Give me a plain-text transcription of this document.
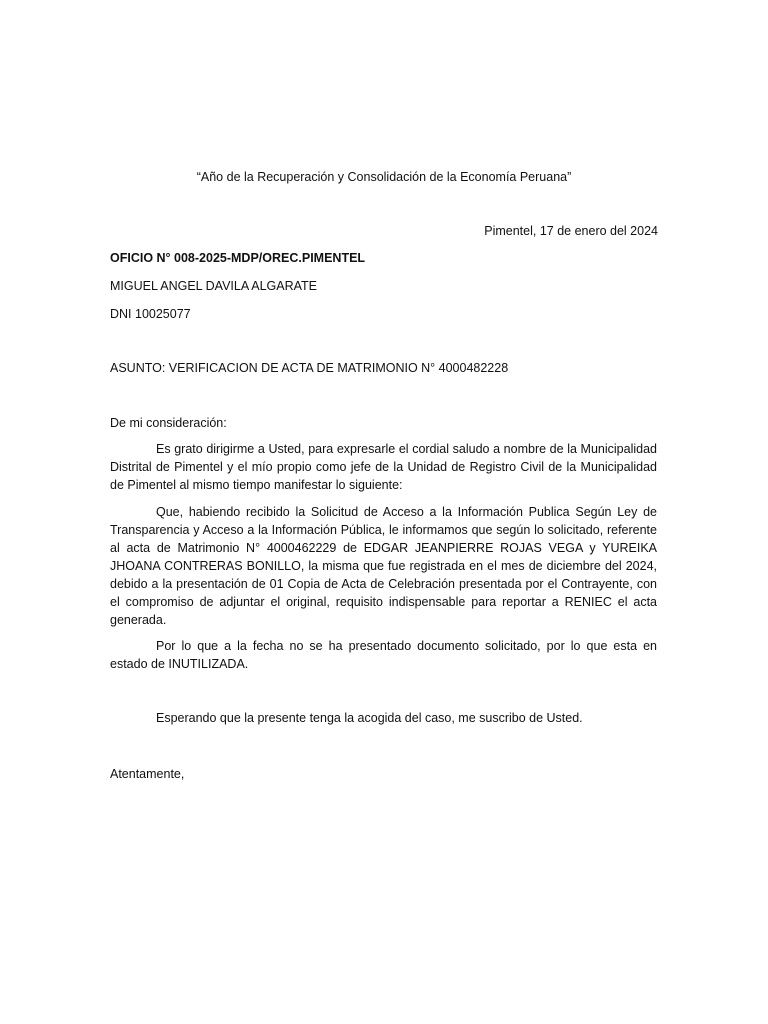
“Año de la Recuperación y Consolidación de la Economía Peruana”
Pimentel, 17 de enero del 2024
OFICIO N° 008-2025-MDP/OREC.PIMENTEL
MIGUEL ANGEL DAVILA ALGARATE
DNI 10025077
ASUNTO: VERIFICACION DE ACTA DE MATRIMONIO N° 4000482228
De mi consideración:

Es grato dirigirme a Usted, para expresarle el cordial saludo a nombre de la Municipalidad Distrital de Pimentel y el mío propio como jefe de la Unidad de Registro Civil de la Municipalidad de Pimentel al mismo tiempo manifestar lo siguiente:

Que, habiendo recibido la Solicitud de Acceso a la Información Publica Según Ley de Transparencia y Acceso a la Información Pública, le informamos que según lo solicitado, referente al acta de Matrimonio N° 4000462229 de EDGAR JEANPIERRE ROJAS VEGA y YUREIKA JHOANA CONTRERAS BONILLO, la misma que fue registrada en el mes de diciembre del 2024, debido a la presentación de 01 Copia de Acta de Celebración presentada por el Contrayente, con el compromiso de adjuntar el original, requisito indispensable para reportar a RENIEC el acta generada.

Por lo que a la fecha no se ha presentado documento solicitado, por lo que esta en estado de INUTILIZADA.

Esperando que la presente tenga la acogida del caso, me suscribo de Usted.

Atentamente,
